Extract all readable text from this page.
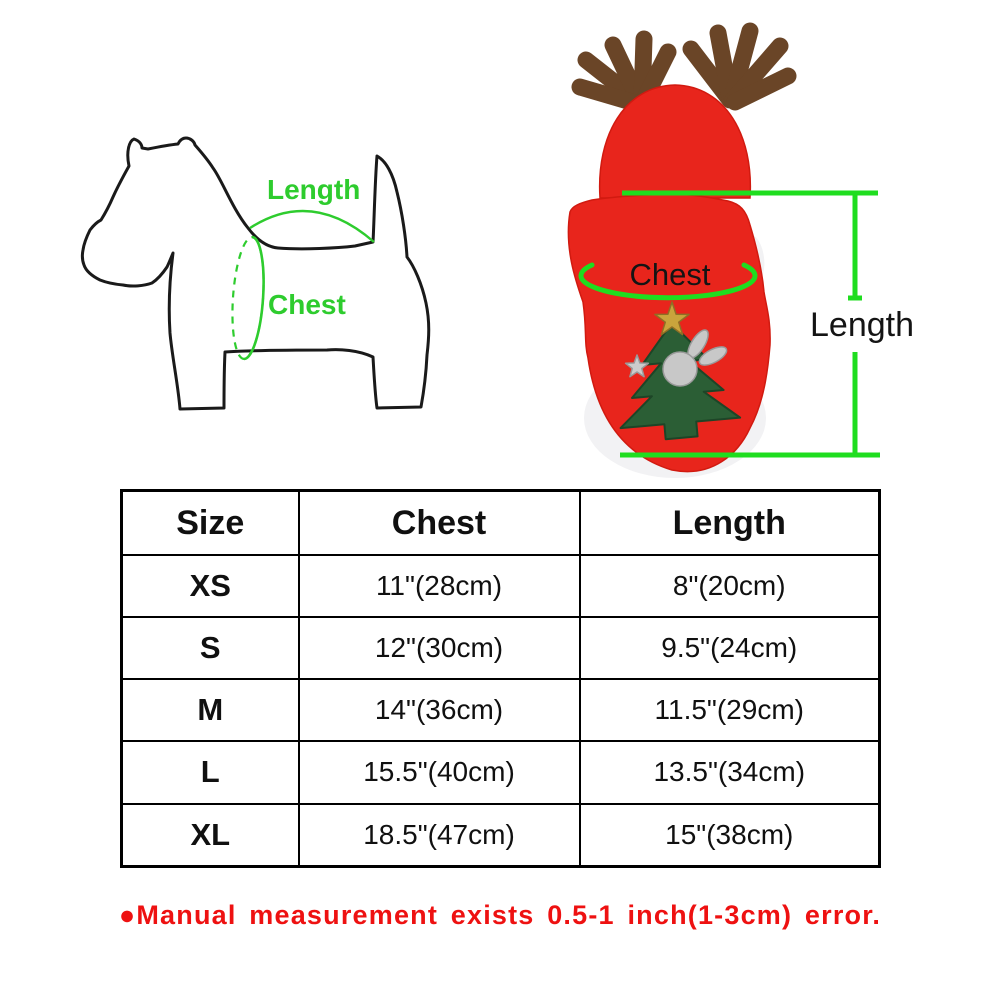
Length
Chest
Chest
Length
Size	Chest	Length
XS	11"(28cm)	8"(20cm)
S	12"(30cm)	9.5"(24cm)
M	14"(36cm)	11.5"(29cm)
L	15.5"(40cm)	13.5"(34cm)
XL	18.5"(47cm)	15"(38cm)
●Manual measurement exists 0.5-1 inch(1-3cm) error.
